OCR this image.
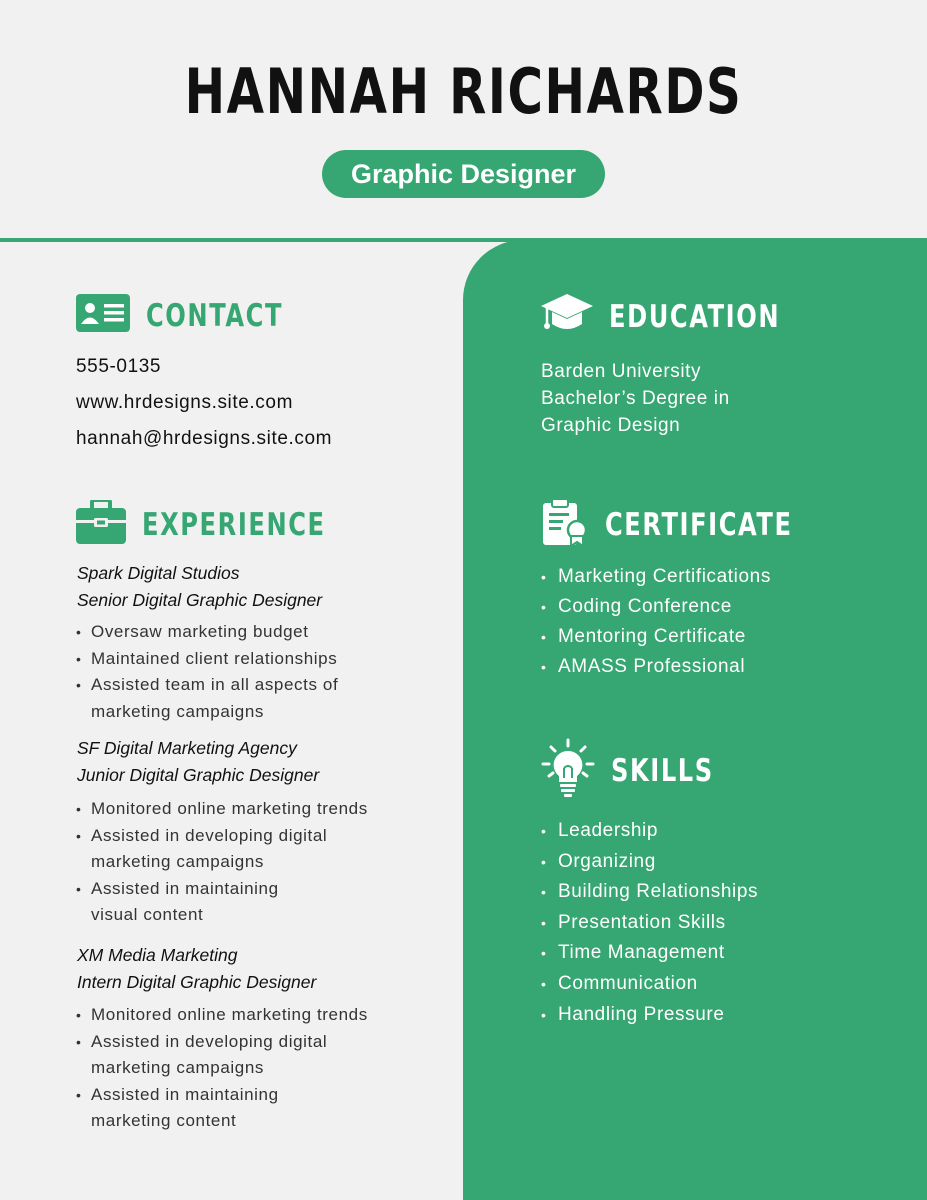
HANNAH RICHARDS
Graphic Designer
CONTACT
555-0135
www.hrdesigns.site.com
hannah@hrdesigns.site.com
EXPERIENCE
Spark Digital Studios
Senior Digital Graphic Designer
• Oversaw marketing budget
• Maintained client relationships
• Assisted team in all aspects of
marketing campaigns
SF Digital Marketing Agency
Junior Digital Graphic Designer
• Monitored online marketing trends
• Assisted in developing digital
marketing campaigns
• Assisted in maintaining
visual content
XM Media Marketing
Intern Digital Graphic Designer
• Monitored online marketing trends
• Assisted in developing digital
marketing campaigns
• Assisted in maintaining
marketing content
EDUCATION
Barden University
Bachelor’s Degree in
Graphic Design
CERTIFICATE
• Marketing Certifications
• Coding Conference
• Mentoring Certificate
• AMASS Professional
SKILLS
• Leadership
• Organizing
• Building Relationships
• Presentation Skills
• Time Management
• Communication
• Handling Pressure
